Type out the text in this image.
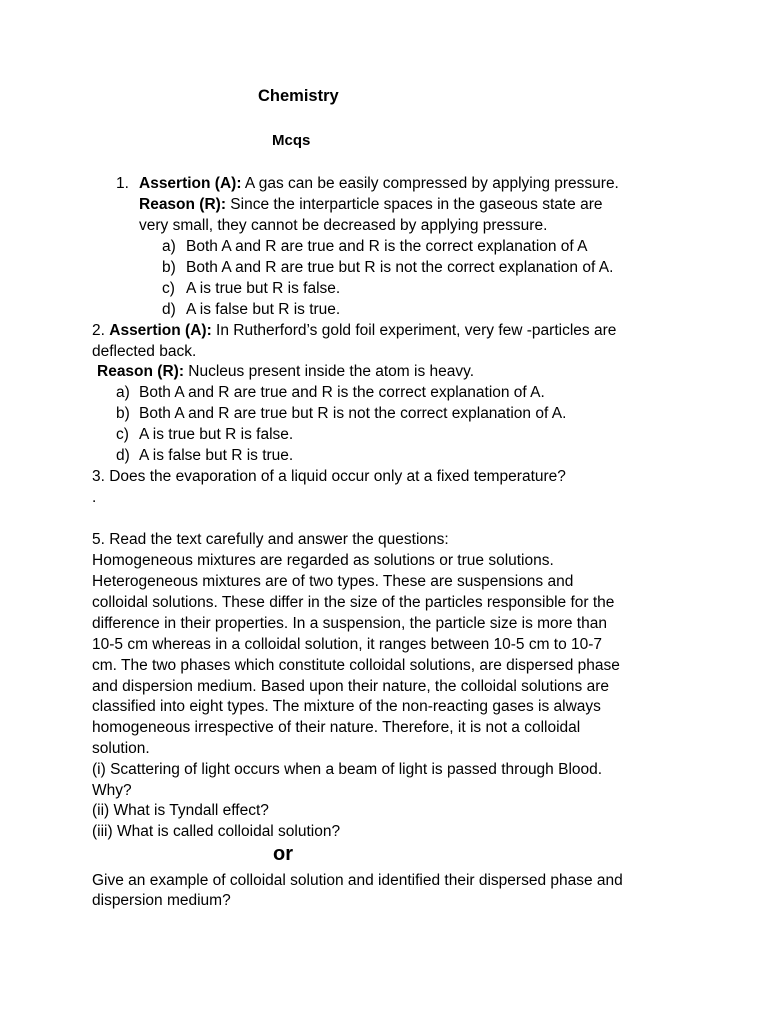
Chemistry
Mcqs
1. Assertion (A): A gas can be easily compressed by applying pressure.
Reason (R): Since the interparticle spaces in the gaseous state are
very small, they cannot be decreased by applying pressure.
a) Both A and R are true and R is the correct explanation of A
b) Both A and R are true but R is not the correct explanation of A.
c) A is true but R is false.
d) A is false but R is true.
2. Assertion (A): In Rutherford’s gold foil experiment, very few -particles are
deflected back.
Reason (R): Nucleus present inside the atom is heavy.
a) Both A and R are true and R is the correct explanation of A.
b) Both A and R are true but R is not the correct explanation of A.
c) A is true but R is false.
d) A is false but R is true.
3. Does the evaporation of a liquid occur only at a fixed temperature?
.
5. Read the text carefully and answer the questions:
Homogeneous mixtures are regarded as solutions or true solutions.
Heterogeneous mixtures are of two types. These are suspensions and
colloidal solutions. These differ in the size of the particles responsible for the
difference in their properties. In a suspension, the particle size is more than
10-5 cm whereas in a colloidal solution, it ranges between 10-5 cm to 10-7
cm. The two phases which constitute colloidal solutions, are dispersed phase
and dispersion medium. Based upon their nature, the colloidal solutions are
classified into eight types. The mixture of the non-reacting gases is always
homogeneous irrespective of their nature. Therefore, it is not a colloidal
solution.
(i) Scattering of light occurs when a beam of light is passed through Blood.
Why?
(ii) What is Tyndall effect?
(iii) What is called colloidal solution?
or
Give an example of colloidal solution and identified their dispersed phase and
dispersion medium?
